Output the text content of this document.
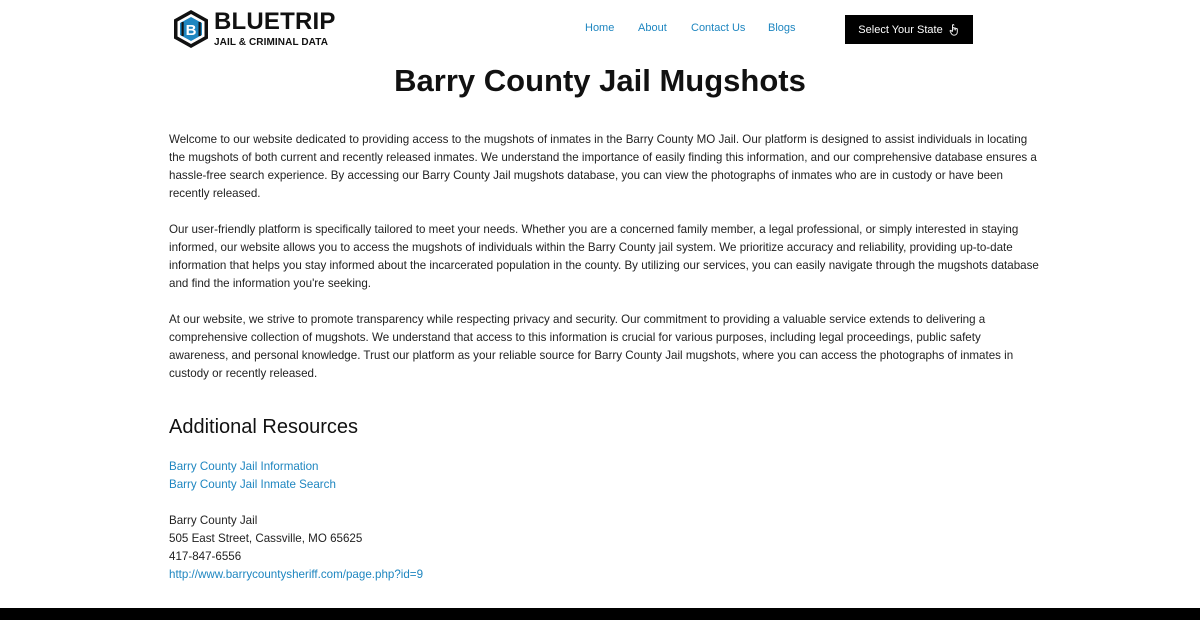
B BLUETRIP
JAIL & CRIMINAL DATA
Home About Contact Us Blogs	Select Your State
Barry County Jail Mugshots

Welcome to our website dedicated to providing access to the mugshots of inmates in the Barry County MO Jail. Our platform is designed to assist individuals in locating the mugshots of both current and recently released inmates. We understand the importance of easily finding this information, and our comprehensive database ensures a hassle-free search experience. By accessing our Barry County Jail mugshots database, you can view the photographs of inmates who are in custody or have been recently released.

Our user-friendly platform is specifically tailored to meet your needs. Whether you are a concerned family member, a legal professional, or simply interested in staying informed, our website allows you to access the mugshots of individuals within the Barry County jail system. We prioritize accuracy and reliability, providing up-to-date information that helps you stay informed about the incarcerated population in the county. By utilizing our services, you can easily navigate through the mugshots database and find the information you're seeking.

At our website, we strive to promote transparency while respecting privacy and security. Our commitment to providing a valuable service extends to delivering a comprehensive collection of mugshots. We understand that access to this information is crucial for various purposes, including legal proceedings, public safety awareness, and personal knowledge. Trust our platform as your reliable source for Barry County Jail mugshots, where you can access the photographs of inmates in custody or recently released.

Additional Resources
Barry County Jail Information
Barry County Jail Inmate Search
Barry County Jail
505 East Street, Cassville, MO 65625
417-847-6556
http://www.barrycountysheriff.com/page.php?id=9
